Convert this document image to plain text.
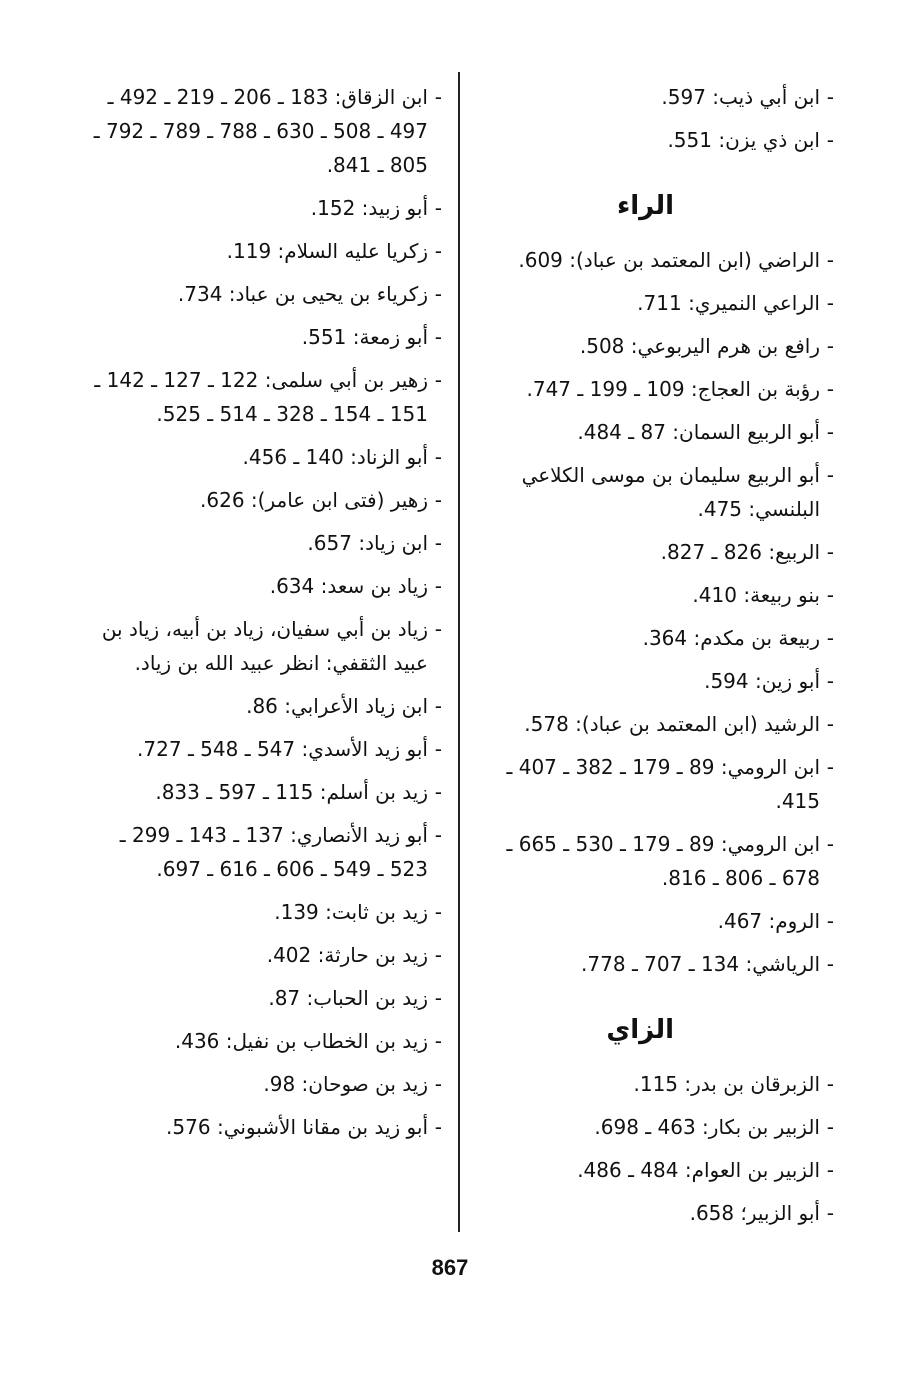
-ابن أبي ذيب: 597.
-ابن ذي يزن: 551.
الراء
-الراضي (ابن المعتمد بن عباد): 609.
-الراعي النميري: 711.
-رافع بن هرم اليربوعي: 508.
-رؤبة بن العجاج: 109 ـ 199 ـ 747.
-أبو الربيع السمان: 87 ـ 484.
-أبو الربيع سليمان بن موسى الكلاعي البلنسي: 475.
-الربيع: 826 ـ 827.
-بنو ربيعة: 410.
-ربيعة بن مكدم: 364.
-أبو زين: 594.
-الرشيد (ابن المعتمد بن عباد): 578.
-ابن الرومي: 89 ـ 179 ـ 382 ـ 407 ـ 415.
-ابن الرومي: 89 ـ 179 ـ 530 ـ 665 ـ 678 ـ 806 ـ 816.
-الروم: 467.
-الرياشي: 134 ـ 707 ـ 778.
الزاي
-الزبرقان بن بدر: 115.
-الزبير بن بكار: 463 ـ 698.
-الزبير بن العوام: 484 ـ 486.
-أبو الزبير؛ 658.
-ابن الزقاق: 183 ـ 206 ـ 219 ـ 492 ـ 497 ـ 508 ـ 630 ـ 788 ـ 789 ـ 792 ـ 805 ـ 841.
-أبو زبيد: 152.
-زكريا عليه السلام: 119.
-زكرياء بن يحيى بن عباد: 734.
-أبو زمعة: 551.
-زهير بن أبي سلمى: 122 ـ 127 ـ 142 ـ 151 ـ 154 ـ 328 ـ 514 ـ 525.
-أبو الزناد: 140 ـ 456.
-زهير (فتى ابن عامر): 626.
-ابن زياد: 657.
-زياد بن سعد: 634.
-زياد بن أبي سفيان، زياد بن أبيه، زياد بن عبيد الثقفي: انظر عبيد الله بن زياد.
-ابن زياد الأعرابي: 86.
-أبو زيد الأسدي: 547 ـ 548 ـ 727.
-زيد بن أسلم: 115 ـ 597 ـ 833.
-أبو زيد الأنصاري: 137 ـ 143 ـ 299 ـ 523 ـ 549 ـ 606 ـ 616 ـ 697.
-زيد بن ثابت: 139.
-زيد بن حارثة: 402.
-زيد بن الحباب: 87.
-زيد بن الخطاب بن نفيل: 436.
-زيد بن صوحان: 98.
-أبو زيد بن مقانا الأشبوني: 576.
867
